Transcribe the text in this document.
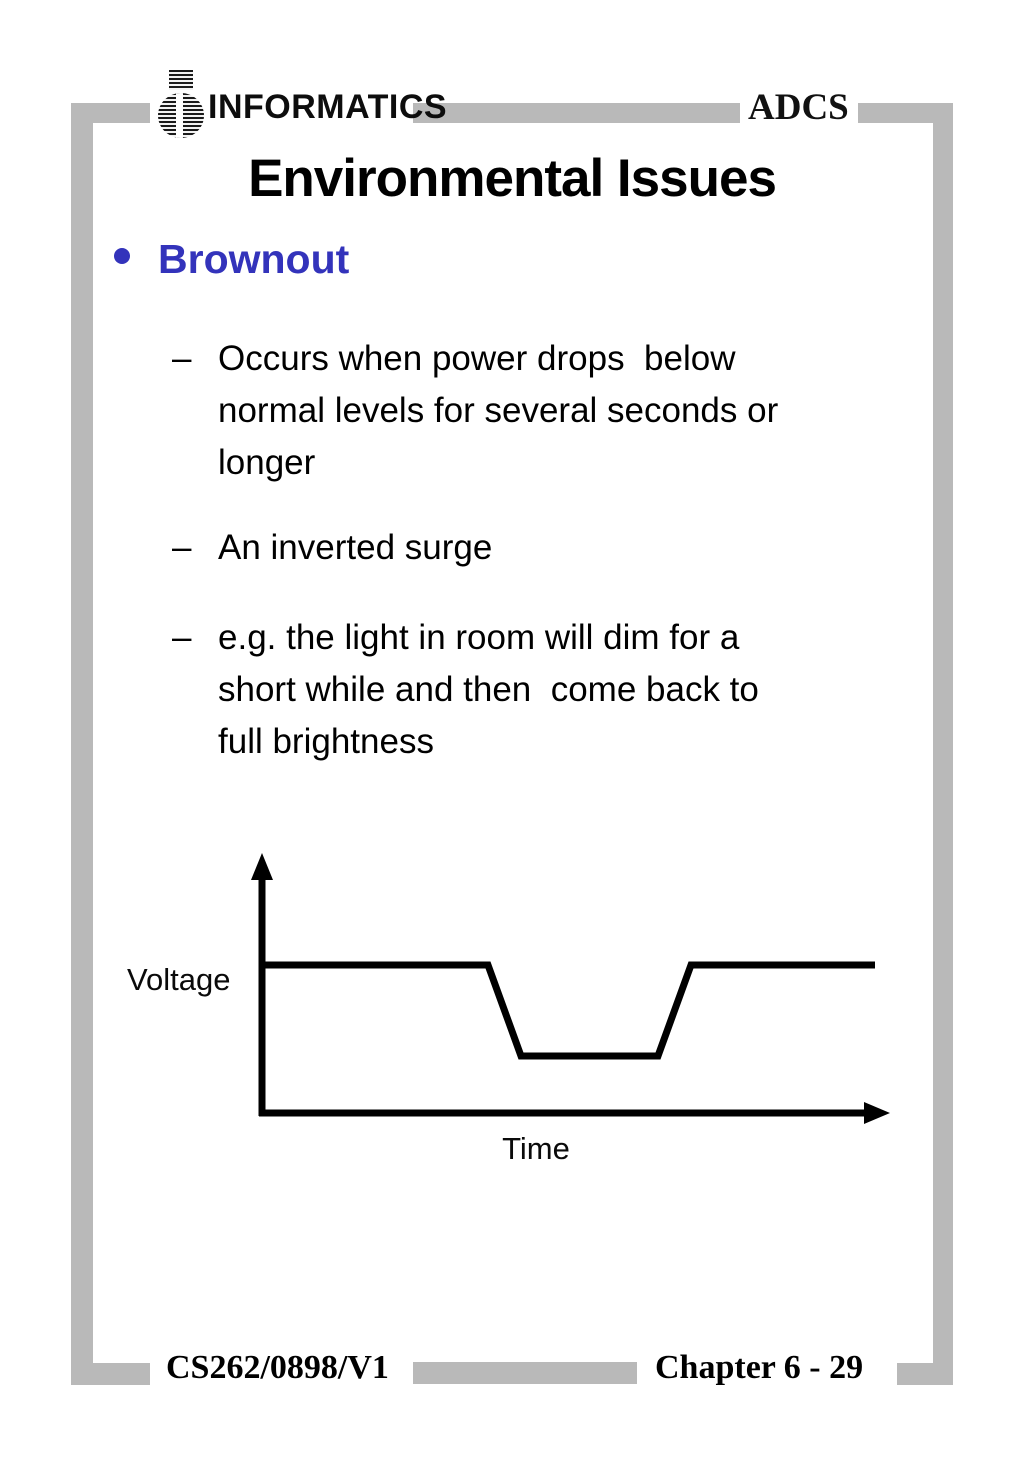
INFORMATICS	ADCS
Environmental Issues
Brownout
– Occurs when power drops  below
normal levels for several seconds or
longer
– An inverted surge
– e.g. the light in room will dim for a
short while and then  come back to
full brightness
Voltage
Time
CS262/0898/V1	Chapter 6 - 29
